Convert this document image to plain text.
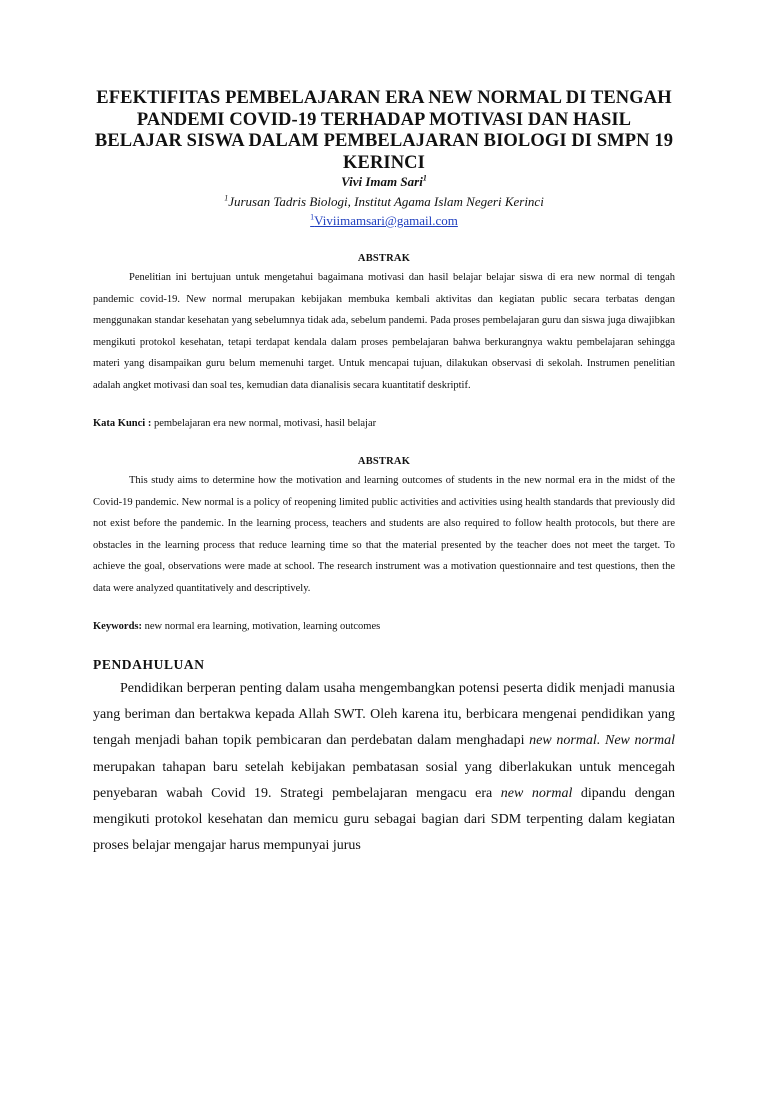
EFEKTIFITAS PEMBELAJARAN ERA NEW NORMAL DI TENGAH PANDEMI COVID-19 TERHADAP MOTIVASI DAN HASIL BELAJAR SISWA DALAM PEMBELAJARAN BIOLOGI DI SMPN 19 KERINCI
Vivi Imam Sari$^1$
$^1$Jurusan Tadris Biologi, Institut Agama Islam Negeri Kerinci
$^1$Viviimamsari@gamail.com
ABSTRAK

Penelitian ini bertujuan untuk mengetahui bagaimana motivasi dan hasil belajar belajar siswa di era new normal di tengah pandemic covid-19. New normal merupakan kebijakan membuka kembali aktivitas dan kegiatan public secara terbatas dengan menggunakan standar kesehatan yang sebelumnya tidak ada, sebelum pandemi. Pada proses pembelajaran guru dan siswa juga diwajibkan mengikuti protokol kesehatan, tetapi terdapat kendala dalam proses pembelajaran bahwa berkurangnya waktu pembelajaran sehingga materi yang disampaikan guru belum memenuhi target. Untuk mencapai tujuan, dilakukan observasi di sekolah. Instrumen penelitian adalah angket motivasi dan soal tes, kemudian data dianalisis secara kuantitatif deskriptif.

Kata Kunci : pembelajaran era new normal, motivasi, hasil belajar
ABSTRAK

This study aims to determine how the motivation and learning outcomes of students in the new normal era in the midst of the Covid-19 pandemic. New normal is a policy of reopening limited public activities and activities using health standards that previously did not exist before the pandemic. In the learning process, teachers and students are also required to follow health protocols, but there are obstacles in the learning process that reduce learning time so that the material presented by the teacher does not meet the target. To achieve the goal, observations were made at school. The research instrument was a motivation questionnaire and test questions, then the data were analyzed quantitatively and descriptively.

Keywords: new normal era learning, motivation, learning outcomes
PENDAHULUAN

Pendidikan berperan penting dalam usaha mengembangkan potensi peserta didik menjadi manusia yang beriman dan bertakwa kepada Allah SWT. Oleh karena itu, berbicara mengenai pendidikan yang tengah menjadi bahan topik pembicaran dan perdebatan dalam menghadapi new normal. New normal merupakan tahapan baru setelah kebijakan pembatasan sosial yang diberlakukan untuk mencegah penyebaran wabah Covid 19. Strategi pembelajaran mengacu era new normal dipandu dengan mengikuti protokol kesehatan dan memicu guru sebagai bagian dari SDM terpenting dalam kegiatan proses belajar mengajar harus mempunyai jurus
